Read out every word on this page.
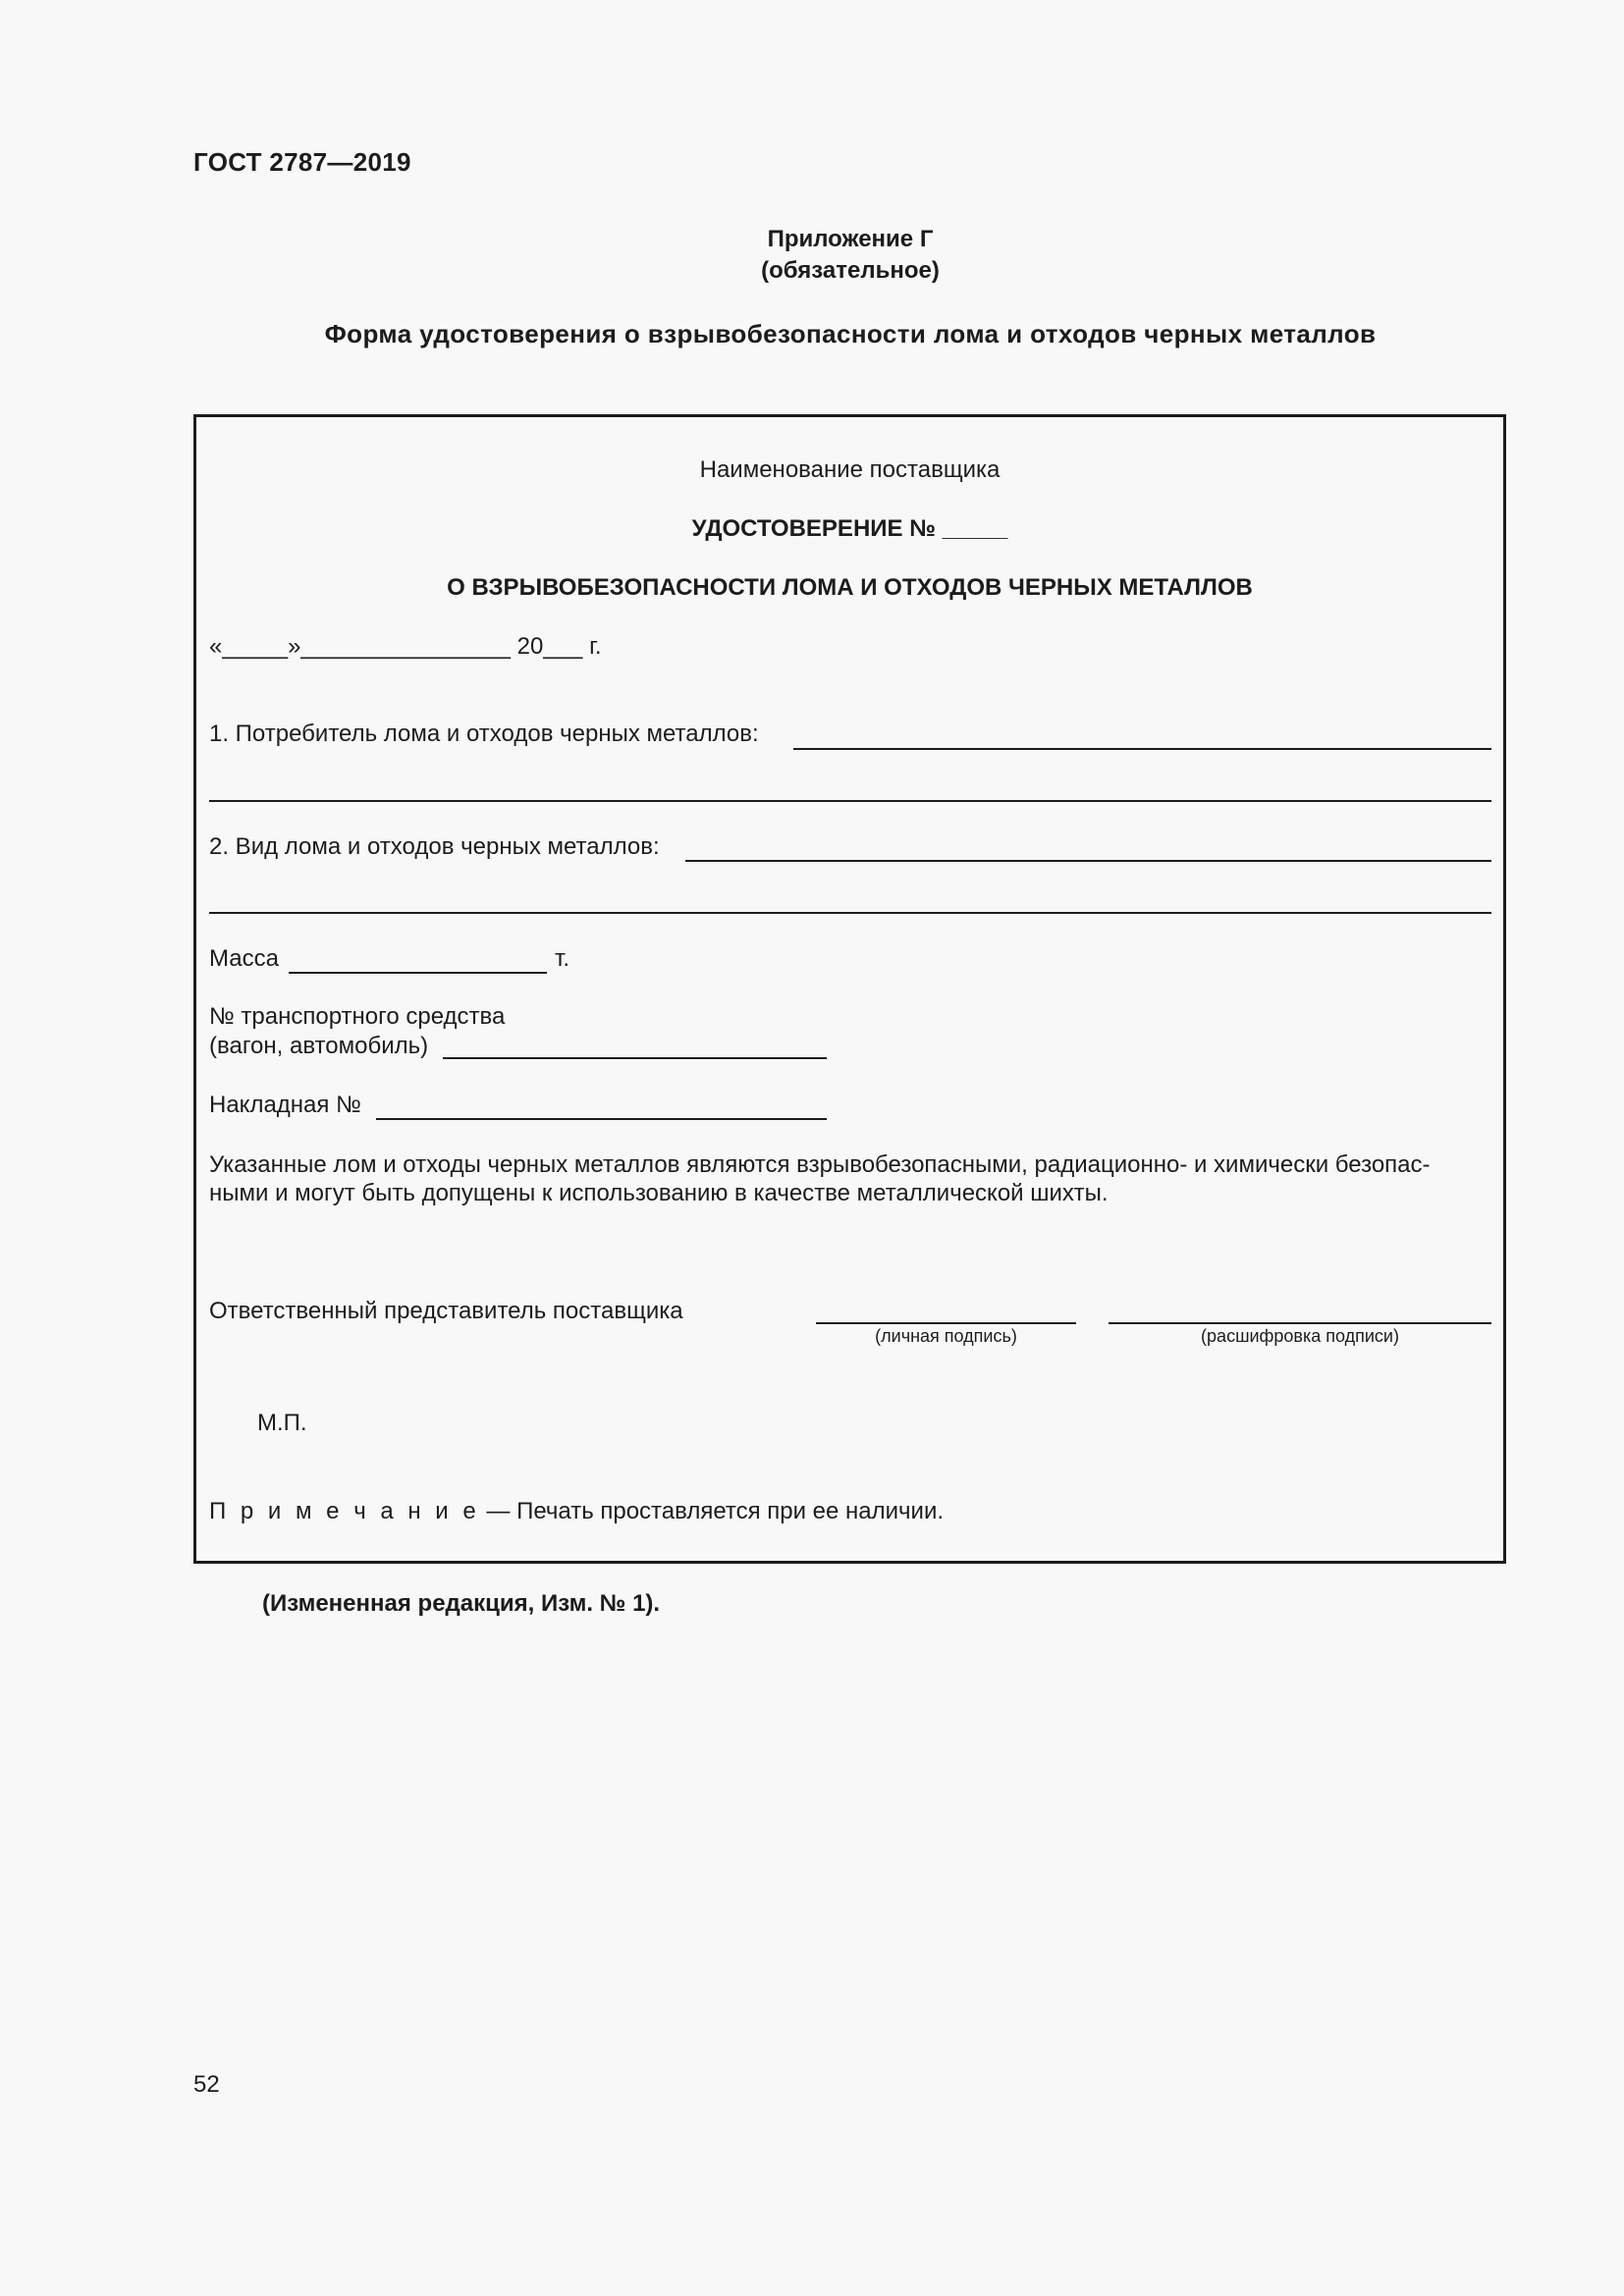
ГОСТ 2787—2019
Приложение Г
(обязательное)
Форма удостоверения о взрывобезопасности лома и отходов черных металлов
Наименование поставщика
УДОСТОВЕРЕНИЕ № _____
О ВЗРЫВОБЕЗОПАСНОСТИ ЛОМА И ОТХОДОВ ЧЕРНЫХ МЕТАЛЛОВ
«_____»________________ 20___ г.
1. Потребитель лома и отходов черных металлов:
2. Вид лома и отходов черных металлов:
Масса	т.
№ транспортного средства
(вагон, автомобиль)
Накладная №
Указанные лом и отходы черных металлов являются взрывобезопасными, радиационно- и химически безопас-
ными и могут быть допущены к использованию в качестве металлической шихты.
Ответственный представитель поставщика
(личная подпись)	(расшифровка подписи)
М.П.
П р и м е ч а н и е — Печать проставляется при ее наличии.
(Измененная редакция, Изм. № 1).
52
